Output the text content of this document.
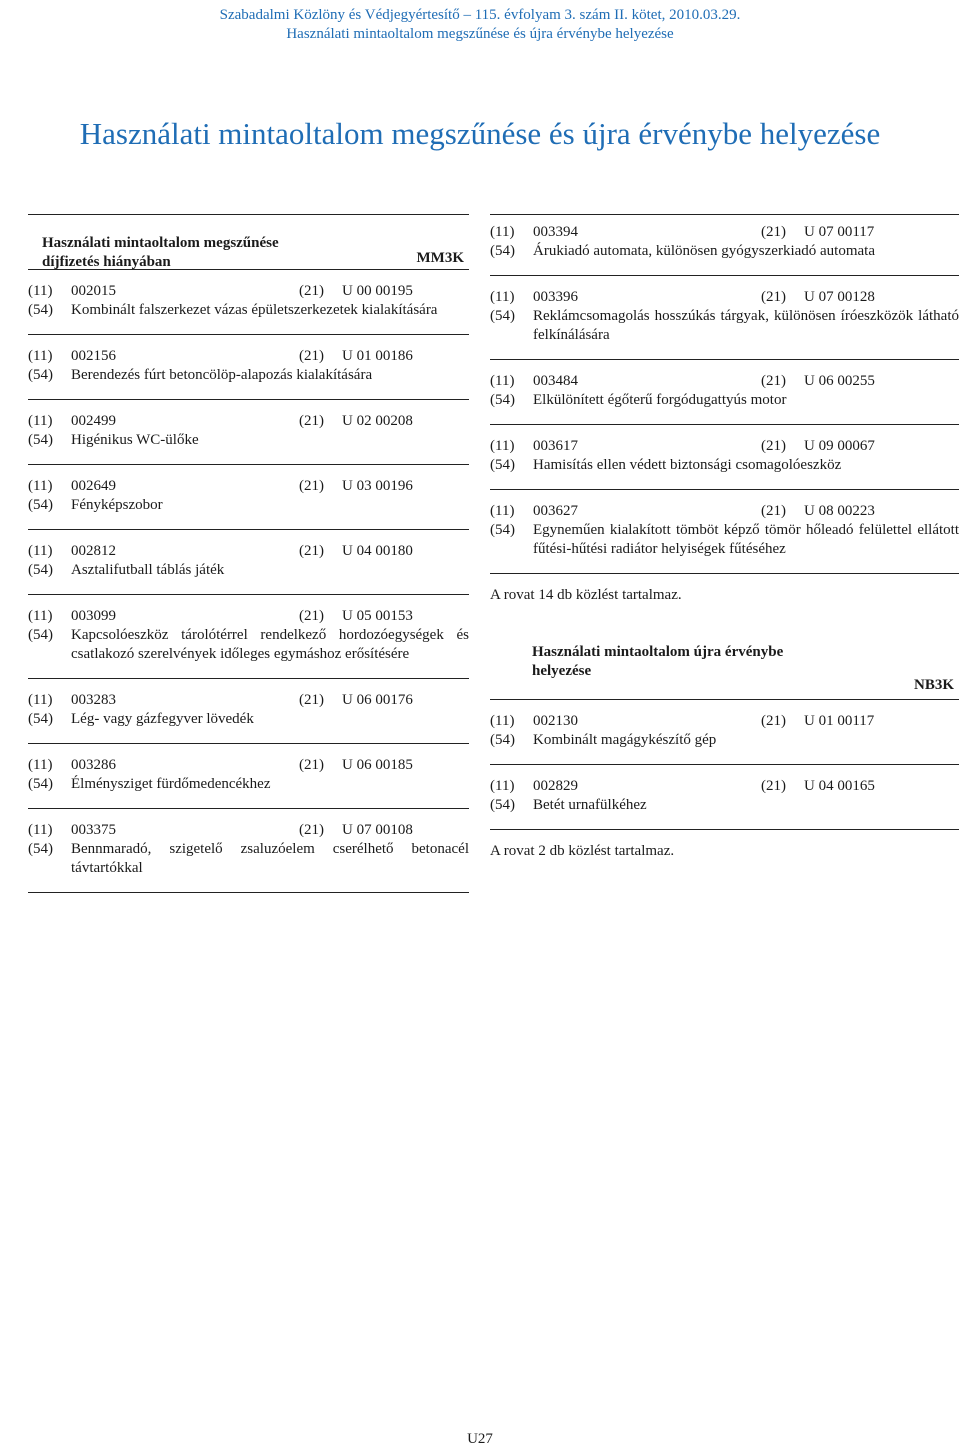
Szabadalmi Közlöny és Védjegyértesítő – 115. évfolyam 3. szám II. kötet, 2010.03.29.
Használati mintaoltalom megszűnése és újra érvénybe helyezése
Használati mintaoltalom megszűnése és újra érvénybe helyezése
Használati mintaoltalom megszűnése
díjfizetés hiányában	MM3K
(11)	002015	(21)	U 00 00195
(54)	Kombinált falszerkezet vázas épületszerkezetek kialakítására
(11)	002156	(21)	U 01 00186
(54)	Berendezés fúrt betoncölöp-alapozás kialakítására
(11)	002499	(21)	U 02 00208
(54)	Higénikus WC-ülőke
(11)	002649	(21)	U 03 00196
(54)	Fényképszobor
(11)	002812	(21)	U 04 00180
(54)	Asztalifutball táblás játék
(11)	003099	(21)	U 05 00153
(54)	Kapcsolóeszköz tárolótérrel rendelkező hordozóegységek és csatlakozó szerelvények időleges egymáshoz erősítésére
(11)	003283	(21)	U 06 00176
(54)	Lég- vagy gázfegyver lövedék
(11)	003286	(21)	U 06 00185
(54)	Élménysziget fürdőmedencékhez
(11)	003375	(21)	U 07 00108
(54)	Bennmaradó, szigetelő zsaluzóelem cserélhető betonacél távtartókkal
(11)	003394	(21)	U 07 00117
(54)	Árukiadó automata, különösen gyógyszerkiadó automata
(11)	003396	(21)	U 07 00128
(54)	Reklámcsomagolás hosszúkás tárgyak, különösen íróeszközök látható felkínálására
(11)	003484	(21)	U 06 00255
(54)	Elkülönített égőterű forgódugattyús motor
(11)	003617	(21)	U 09 00067
(54)	Hamisítás ellen védett biztonsági csomagolóeszköz
(11)	003627	(21)	U 08 00223
(54)	Egyneműen kialakított tömböt képző tömör hőleadó felülettel ellátott fűtési-hűtési radiátor helyiségek fűtéséhez
A rovat 14 db közlést tartalmaz.
Használati mintaoltalom újra érvénybe
helyezése
NB3K
(11)	002130	(21)	U 01 00117
(54)	Kombinált magágykészítő gép
(11)	002829	(21)	U 04 00165
(54)	Betét urnafülkéhez
A rovat 2 db közlést tartalmaz.
U27
